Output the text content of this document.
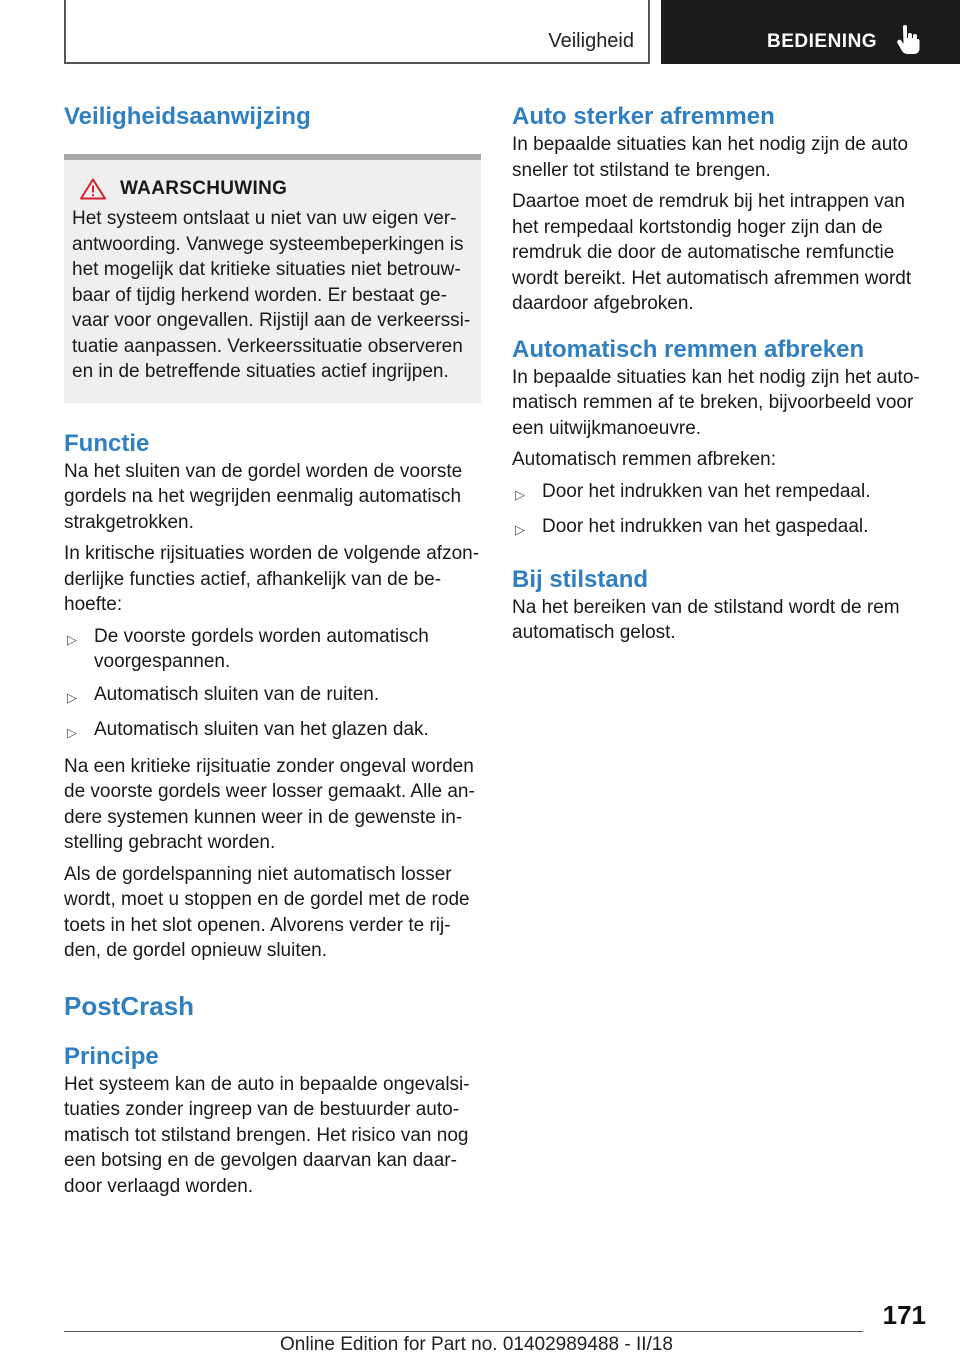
Veiligheid	BEDIENING
Veiligheidsaanwijzing
WAARSCHUWING

Het systeem ontslaat u niet van uw eigen verantwoording. Vanwege systeembeperkingen is het mogelijk dat kritieke situaties niet betrouwbaar of tijdig herkend worden. Er bestaat gevaar voor ongevallen. Rijstijl aan de verkeerssituatie aanpassen. Verkeerssituatie observeren en in de betreffende situaties actief ingrijpen.

Functie

Na het sluiten van de gordel worden de voorste gordels na het wegrijden eenmalig automatisch strakgetrokken.

In kritische rijsituaties worden de volgende afzonderlijke functies actief, afhankelijk van de behoefte:

▷ De voorste gordels worden automatisch voorgespannen.
▷ Automatisch sluiten van de ruiten.
▷ Automatisch sluiten van het glazen dak.

Na een kritieke rijsituatie zonder ongeval worden de voorste gordels weer losser gemaakt. Alle andere systemen kunnen weer in de gewenste instelling gebracht worden.

Als de gordelspanning niet automatisch losser wordt, moet u stoppen en de gordel met de rode toets in het slot openen. Alvorens verder te rijden, de gordel opnieuw sluiten.

PostCrash
Principe

Het systeem kan de auto in bepaalde ongevalsituaties zonder ingreep van de bestuurder automatisch tot stilstand brengen. Het risico van nog een botsing en de gevolgen daarvan kan daardoor verlaagd worden.

Auto sterker afremmen

In bepaalde situaties kan het nodig zijn de auto sneller tot stilstand te brengen.

Daartoe moet de remdruk bij het intrappen van het rempedaal kortstondig hoger zijn dan de remdruk die door de automatische remfunctie wordt bereikt. Het automatisch afremmen wordt daardoor afgebroken.

Automatisch remmen afbreken

In bepaalde situaties kan het nodig zijn het automatisch remmen af te breken, bijvoorbeeld voor een uitwijkmanoeuvre.

Automatisch remmen afbreken:

▷ Door het indrukken van het rempedaal.
▷ Door het indrukken van het gaspedaal.
Bij stilstand

Na het bereiken van de stilstand wordt de rem automatisch gelost.

171
Online Edition for Part no. 01402989488 - II/18
